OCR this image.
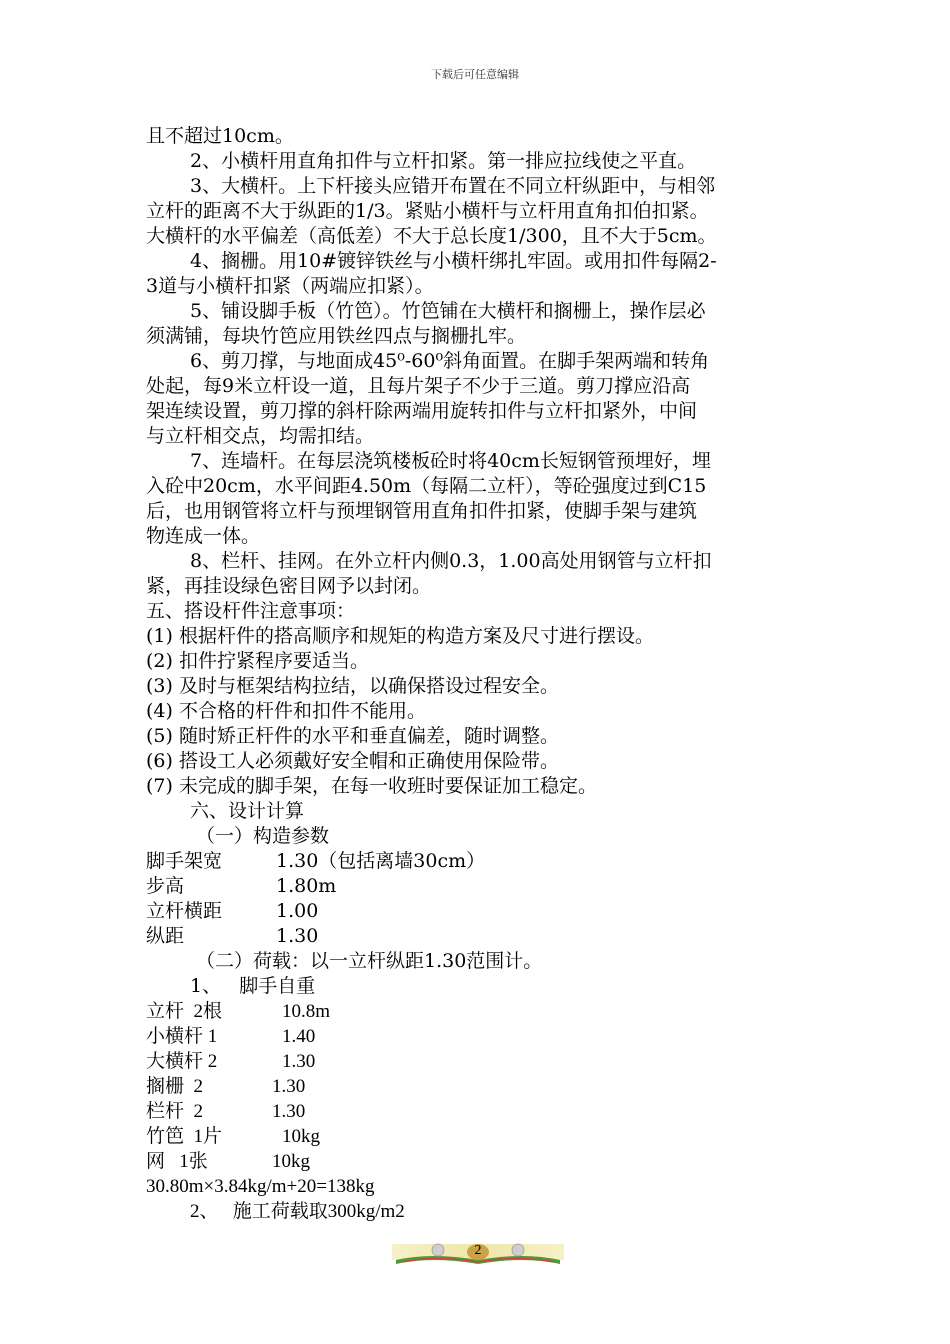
下载后可任意编辑

且不超过10cm。

2、小横杆用直角扣件与立杆扣紧。第一排应拉线使之平直。

3、大横杆。上下杆接头应错开布置在不同立杆纵距中，与相邻

立杆的距离不大于纵距的1/3。紧贴小横杆与立杆用直角扣伯扣紧。

大横杆的水平偏差（高低差）不大于总长度1/300，且不大于5cm。

4、搁栅。用10#镀锌铁丝与小横杆绑扎牢固。或用扣件每隔2-

3道与小横杆扣紧（两端应扣紧）。

5、铺设脚手板（竹笆）。竹笆铺在大横杆和搁栅上，操作层必

须满铺，每块竹笆应用铁丝四点与搁栅扎牢。

6、剪刀撑，与地面成45⁰-60⁰斜角面置。在脚手架两端和转角

处起，每9米立杆设一道，且每片架子不少于三道。剪刀撑应沿高

架连续设置，剪刀撑的斜杆除两端用旋转扣件与立杆扣紧外，中间

与立杆相交点，均需扣结。

7、连墙杆。在每层浇筑楼板砼时将40cm长短钢管预埋好，埋

入砼中20cm，水平间距4.50m（每隔二立杆），等砼强度过到C15

后，也用钢管将立杆与预埋钢管用直角扣件扣紧，使脚手架与建筑

物连成一体。

8、栏杆、挂网。在外立杆内侧0.3，1.00高处用钢管与立杆扣

紧，再挂设绿色密目网予以封闭。

五、搭设杆件注意事项：

(1) 根据杆件的搭高顺序和规矩的构造方案及尺寸进行摆设。

(2) 扣件拧紧程序要适当。

(3) 及时与框架结构拉结，以确保搭设过程安全。

(4) 不合格的杆件和扣件不能用。

(5) 随时矫正杆件的水平和垂直偏差，随时调整。

(6) 搭设工人必须戴好安全帽和正确使用保险带。

(7) 未完成的脚手架，在每一收班时要保证加工稳定。

六、设计计算

（一）构造参数

脚手架宽	1.30（包括离墙30cm）

步高	1.80m

立杆横距	1.00

纵距	1.30

（二）荷载：以一立杆纵距1.30范围计。

1、   脚手自重

立杆  2根	10.8m

小横杆 1	1.40

大横杆 2	1.30

搁栅  2	1.30

栏杆  2	1.30

竹笆  1片	10kg

网   1张	10kg

30.80m×3.84kg/m+20=138kg

2、   施工荷载取300kg/m2

2
